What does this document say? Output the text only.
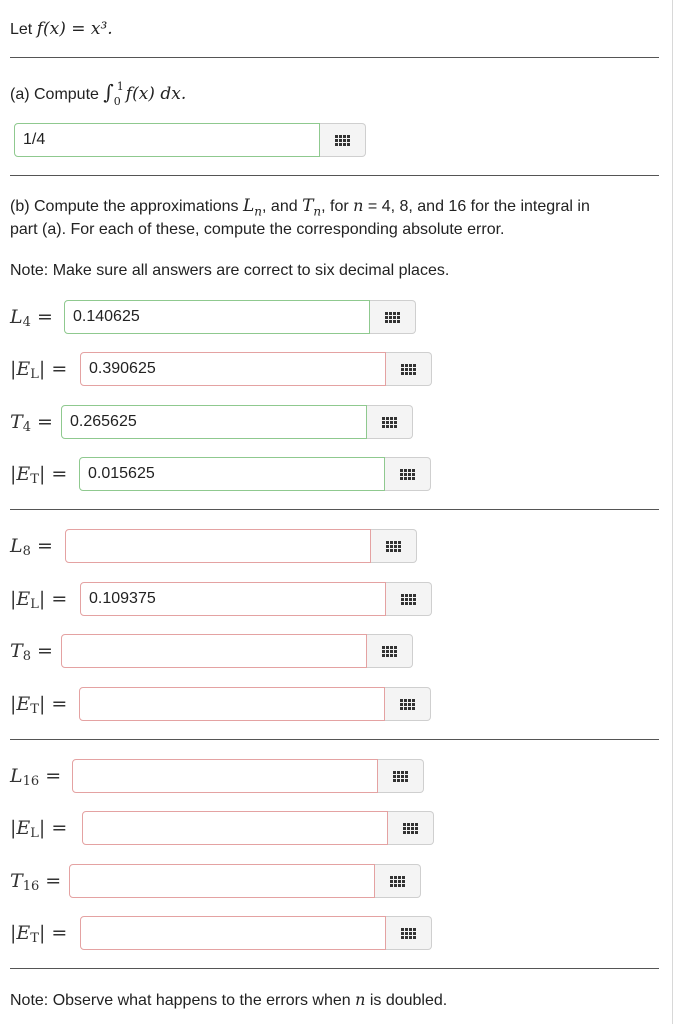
Let f(x) = x³.
(a) Compute ∫ 1
0 f(x) dx.
1/4
(b) Compute the approximations $L_n$, and $T_n$, for n = 4, 8, and 16 for the integral in
part (a). For each of these, compute the corresponding absolute error.
Note: Make sure all answers are correct to six decimal places.
$L_4$ =	0.140625
$|E_L|$ =	0.390625
$T_4$ =	0.265625
$|E_T|$ =	0.015625
$L_8$ =
$|E_L|$ =	0.109375
$T_8$ =
$|E_T|$ =
$L_{16}$ =
$|E_L|$ =
$T_{16}$ =
$|E_T|$ =
Note: Observe what happens to the errors when n is doubled.
